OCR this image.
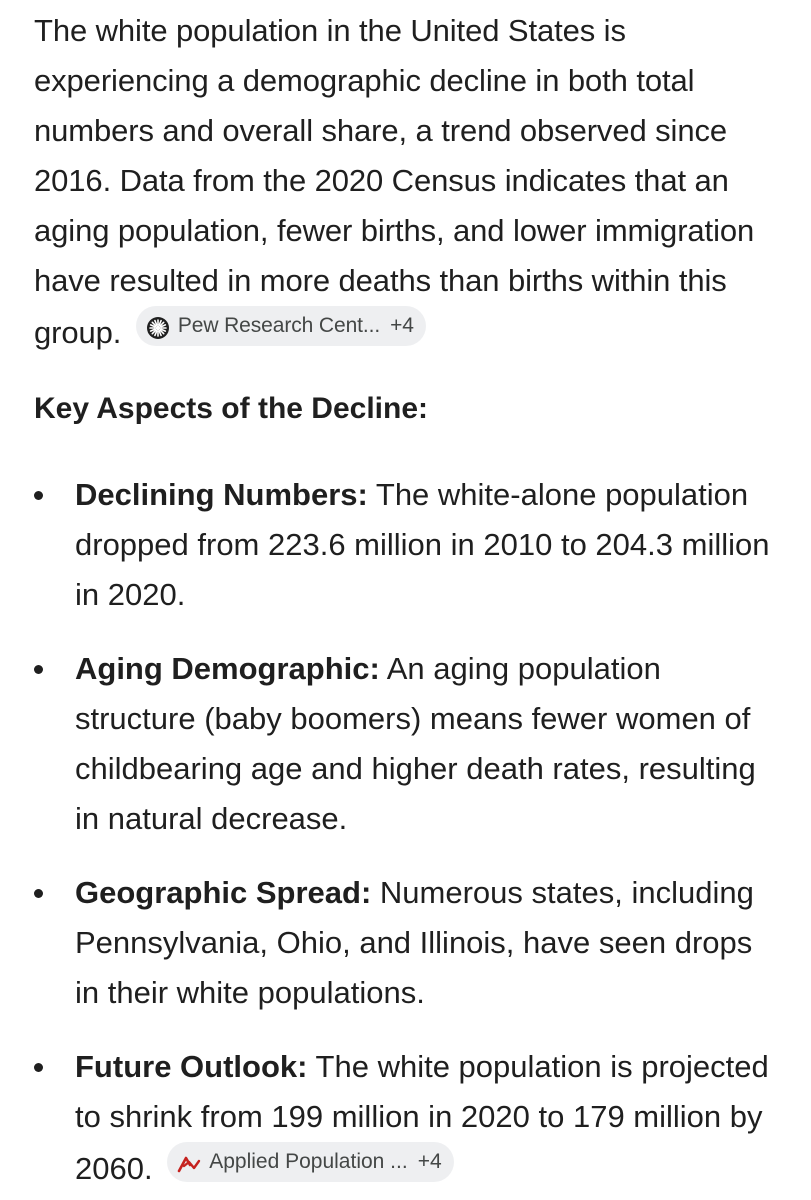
The white population in the United States is experiencing a demographic decline in both total numbers and overall share, a trend observed since 2016. Data from the 2020 Census indicates that an aging population, fewer births, and lower immigration have resulted in more deaths than births within this group.	Pew Research Cent... +4

Key Aspects of the Decline:
Declining Numbers: The white-alone population dropped from 223.6 million in 2010 to 204.3 million in 2020.
Aging Demographic: An aging population structure (baby boomers) means fewer women of childbearing age and higher death rates, resulting in natural decrease.
Geographic Spread: Numerous states, including Pennsylvania, Ohio, and Illinois, have seen drops in their white populations.
Future Outlook: The white population is projected to shrink from 199 million in 2020 to 179 million by 2060.	Applied Population ... +4
